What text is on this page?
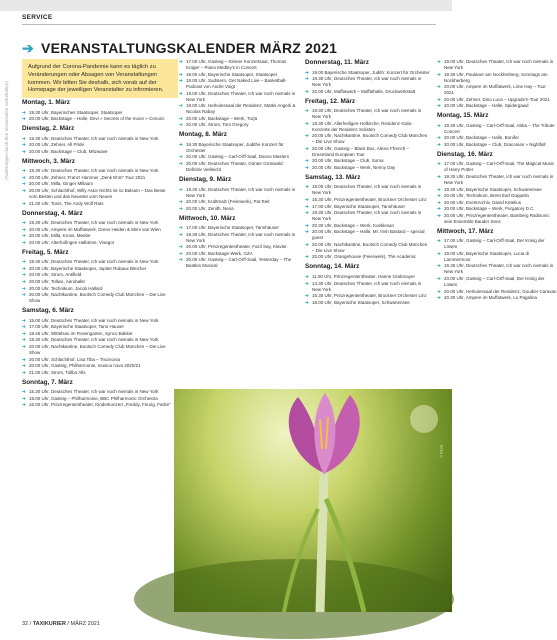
SERVICE
(Änderungen durch den Veranstalter vorbehalten)
➔ VERANSTALTUNGSKALENDER MÄRZ 2021
Aufgrund der Corona-Pandemie kann es täglich zu Veränderungen oder Absagen von Veranstaltungen kommen. Wir bitten Sie deshalb, sich vorab auf der Homepage der jeweiligen Veranstalter zu informieren.
Montag, 1. März
➔ 19.30 Uhr, Bayerisches Staatsoper, Staatsoper
➔ 20.00 Uhr, Backstage – Halle, Devi » Secrets of the moon » Cenoric
Dienstag, 2. März
➔ 19.30 Uhr, Deutsches Theater, Ich war noch niemals in New York
➔ 20.00 Uhr, Zehner, All Pride
➔ 20.00 Uhr, Backstage – Club, Mitzwave
Mittwoch, 3. März
➔ 19.30 Uhr, Deutsches Theater, Ich war noch niemals in New York
➔ 20.00 Uhr, Zehner, Franz! Hammer „Denk Ehm“ Tour 2021
➔ 20.00 Uhr, Milla, Ginger Millaum
➔ 20.00 Uhr, Schlachthof, Willy Astor Nichts ist so Balsam – Das Beste vom Besten und das Neueste vom Neuen
➔ 21.00 Uhr, Tonis, The Andy Wolf Rats
Donnerstag, 4. März
➔ 19.30 Uhr, Deutsches Theater, Ich war noch niemals in New York
➔ 20.00 Uhr, Ampere im Muffatwerk, Drens Heiden & Mimi van Wien
➔ 20.00 Uhr, Milla, Kross, Meebe
➔ 20.00 Uhr, Alterhofingen Halbtrine, Visegor
Freitag, 5. März
➔ 19.30 Uhr, Deutsches Theater, Ich war noch niemals in New York
➔ 20.00 Uhr, Bayerische Staatsoper, Jupiter Rubaux Bleicher
➔ 20.00 Uhr, Strom, Antifield
➔ 20.00 Uhr, Tollwo, Aerobalkt
➔ 20.00 Uhr, Technikum, Jacob Hallard
➔ 20.00 Uhr, Nachtkantine, Bootsch Comedy Club München – Die Live Show
Samstag, 6. März
➔ 15.00 Uhr, Deutsches Theater, Ich war noch niemals in New York
➔ 17.00 Uhr, Bayerische Staatsoper, Tann Hauser
➔ 18.45 Uhr, Wittelsau im Rosengarten, Synco Bakker
➔ 19.30 Uhr, Deutsches Theater, Ich war noch niemals in New York
➔ 20.00 Uhr, Nachtkantine, Bootsch Comedy Club München – Die Live Show
➔ 20.00 Uhr, Schlachthof, Lisa Tiba – Tiscinonia
➔ 20.00 Uhr, Gasteig, Philharmonie, musica nova 2020/21
➔ 21.00 Uhr, Strom, Tollbo Alls
Sonntag, 7. März
➔ 15.30 Uhr, Deutsches Theater, Ich war noch niemals in New York
➔ 15.00 Uhr, Gasteig – Philharmonie, BBC Philharmonic Orchestra
➔ 16.00 Uhr, Prinzregententheater, Kinderkonzert „Freddy, Feurig, Farbe“
➔ 17.00 Uhr, Gasteig – Kleiner Konzertsaal, Thomas Krüger – Piano Medley's in Concert
➔ 18.00 Uhr, Bayerische Staatsoper, Staatsoper
➔ 18.00 Uhr, Sudstern, Get Naked Live – Basketball-Podcast von Andre Voigt
➔ 19.00 Uhr, Deutsches Theater, Ich war noch niemals in New York
➔ 19.00 Uhr, Herkulessaal der Residenz, Mattis Angerli & Nicolas Rabay
➔ 20.00 Uhr, Backstage – Werk, Turjä
➔ 20.00 Uhr, Strom, Tom Gregory
Montag, 8. März
➔ 19.30 Bayerische Staatsoper, Judithe Konzert für Orchester
➔ 20.00 Uhr, Gasteig – Carl-Orff-Saal, Dance Masters
➔ 20.00 Uhr, Deutsches Theater, Günter Grünwald: Definitiv Vielleicht
Dienstag, 9. März
➔ 19.30 Uhr, Deutsches Theater, Ich war noch niemals in New York
➔ 20.00 Uhr, Kraftmalz (Feierwerk), Pat Reit
➔ 20.00 Uhr, Zenith, Nena
Mittwoch, 10. März
➔ 17.00 Uhr, Bayerische Staatsoper, Tannhäuser
➔ 19.30 Uhr, Deutsches Theater, Ich war noch niemals in New York
➔ 20.00 Uhr, Prinzregententheater, Fazil Say, Klavier
➔ 20.00 Uhr, Backstage-Werk, GZA
➔ 20.00 Uhr, Gasteig – Carl-Orff-Saal, Yesterday – The Beatles Musical
Donnerstag, 11. März
➔ 19.00 Bayerische Staatsoper, Judith: Konzert für Orchester
➔ 19.30 Uhr, Deutsches Theater, Ich war noch niemals in New York
➔ 20.00 Uhr, Muffatwerk – Muffathalle, Druckwerkstatt
Freitag, 12. März
➔ 19.30 Uhr, Deutsches Theater, Ich war noch niemals in New York
➔ 19.30 Uhr, Allerheiligen-Hofkirche, Residenz-Gala-Konzerte der Residenz Solisten
➔ 20.00 Uhr, Nachtkantine, Bootsch Comedy Club München – Die Live Show
➔ 20.00 Uhr, Gasteig – Black Box, Alexis Ffrench – Dreamland European Tour
➔ 20.00 Uhr, Backstage – Club, Soma
➔ 20.00 Uhr, Backstage – Werk, Nenny Day
Samstag, 13. März
➔ 15.00 Uhr, Deutsches Theater, Ich war noch niemals in New York
➔ 15.30 Uhr, Prinzregententheater, Bruckner Orchester Linz
➔ 17.00 Uhr, Bayerische Staatsoper, Tannhäuser
➔ 19.30 Uhr, Deutsches Theater, Ich war noch niemals in New York
➔ 20.30 Uhr, Backstage – Werk, Koeklesan
➔ 20.00 Uhr, Backstage – Halle, Mr. Irish Bastard – special guest
➔ 20.00 Uhr, Nachtkantine, Bootsch Comedy Club München – Die Live Show
➔ 20.00 Uhr, Orangehouse (Feierwerk), The Academic
Sonntag, 14. März
➔ 11.00 Uhr, Prinzregententheater, Hanne Grabmayer
➔ 14.30 Uhr, Deutsches Theater, Ich war noch niemals in New York
➔ 15.30 Uhr, Prinzregententheater, Bruckner Orchester Linz
➔ 18.00 Uhr, Bayerische Staatsoper, Schwanensee
➔ 19.00 Uhr, Deutsches Theater, Ich war noch niemals in New York
➔ 19.30 Uhr, Paulaner am Nockherberg, Sonntags am Nockherberg
➔ 20.00 Uhr, Ampere im Muffatwerk, Lime Hay – Tour 2021
➔ 20.00 Uhr, Zehner, Dino Luca – Upgrade'n-Tour 2021
➔ 20.00 Uhr, Backstage – Halle, Spidergawd
Montag, 15. März
➔ 19.30 Uhr, Gasteig – Carl-Orff-Saal, Abba – The Tribute Concert
➔ 20.00 Uhr, Backstage – Halle, Bonifer
➔ 20.00 Uhr, Backstage – Club, Draconian » Nightfall
Dienstag, 16. März
➔ 17.00 Uhr, Gasteig – Carl-Orff-Saal, The Magical Music of Harry Potter
➔ 19.30 Uhr, Deutsches Theater, Ich war noch niemals in New York
➔ 19.30 Uhr, Bayerische Staatsoper, Schwanensee
➔ 20.00 Uhr, Technikum, Brent Earl Doppelin
➔ 20.00 Uhr, EventArchiv, David Ketelius
➔ 20.00 Uhr, Backstage – Werk, Purgatory D.C.
➔ 20.00 Uhr, Prinzregententheater, Bamberg Radisonic sein Ensemble Bauder Sens
Mittwoch, 17. März
➔ 17.00 Uhr, Gasteig – Carl-Orff-Saal, Der König der Löwen
➔ 19.00 Uhr, Bayerische Staatsoper, Lucia di Lammermoor
➔ 19.30 Uhr, Deutsches Theater, Ich war noch niemals in New York
➔ 20.00 Uhr, Gasteig – Carl-Orff-Saal, Der König der Löwen
➔ 20.00 Uhr, Herkulessaal der Residenz, Goudier Caravan
➔ 20.30 Uhr, Ampere im Muffatwerk, Lu Pagalina
© fotolia
32 / TAXIKURIER / MÄRZ 2021
